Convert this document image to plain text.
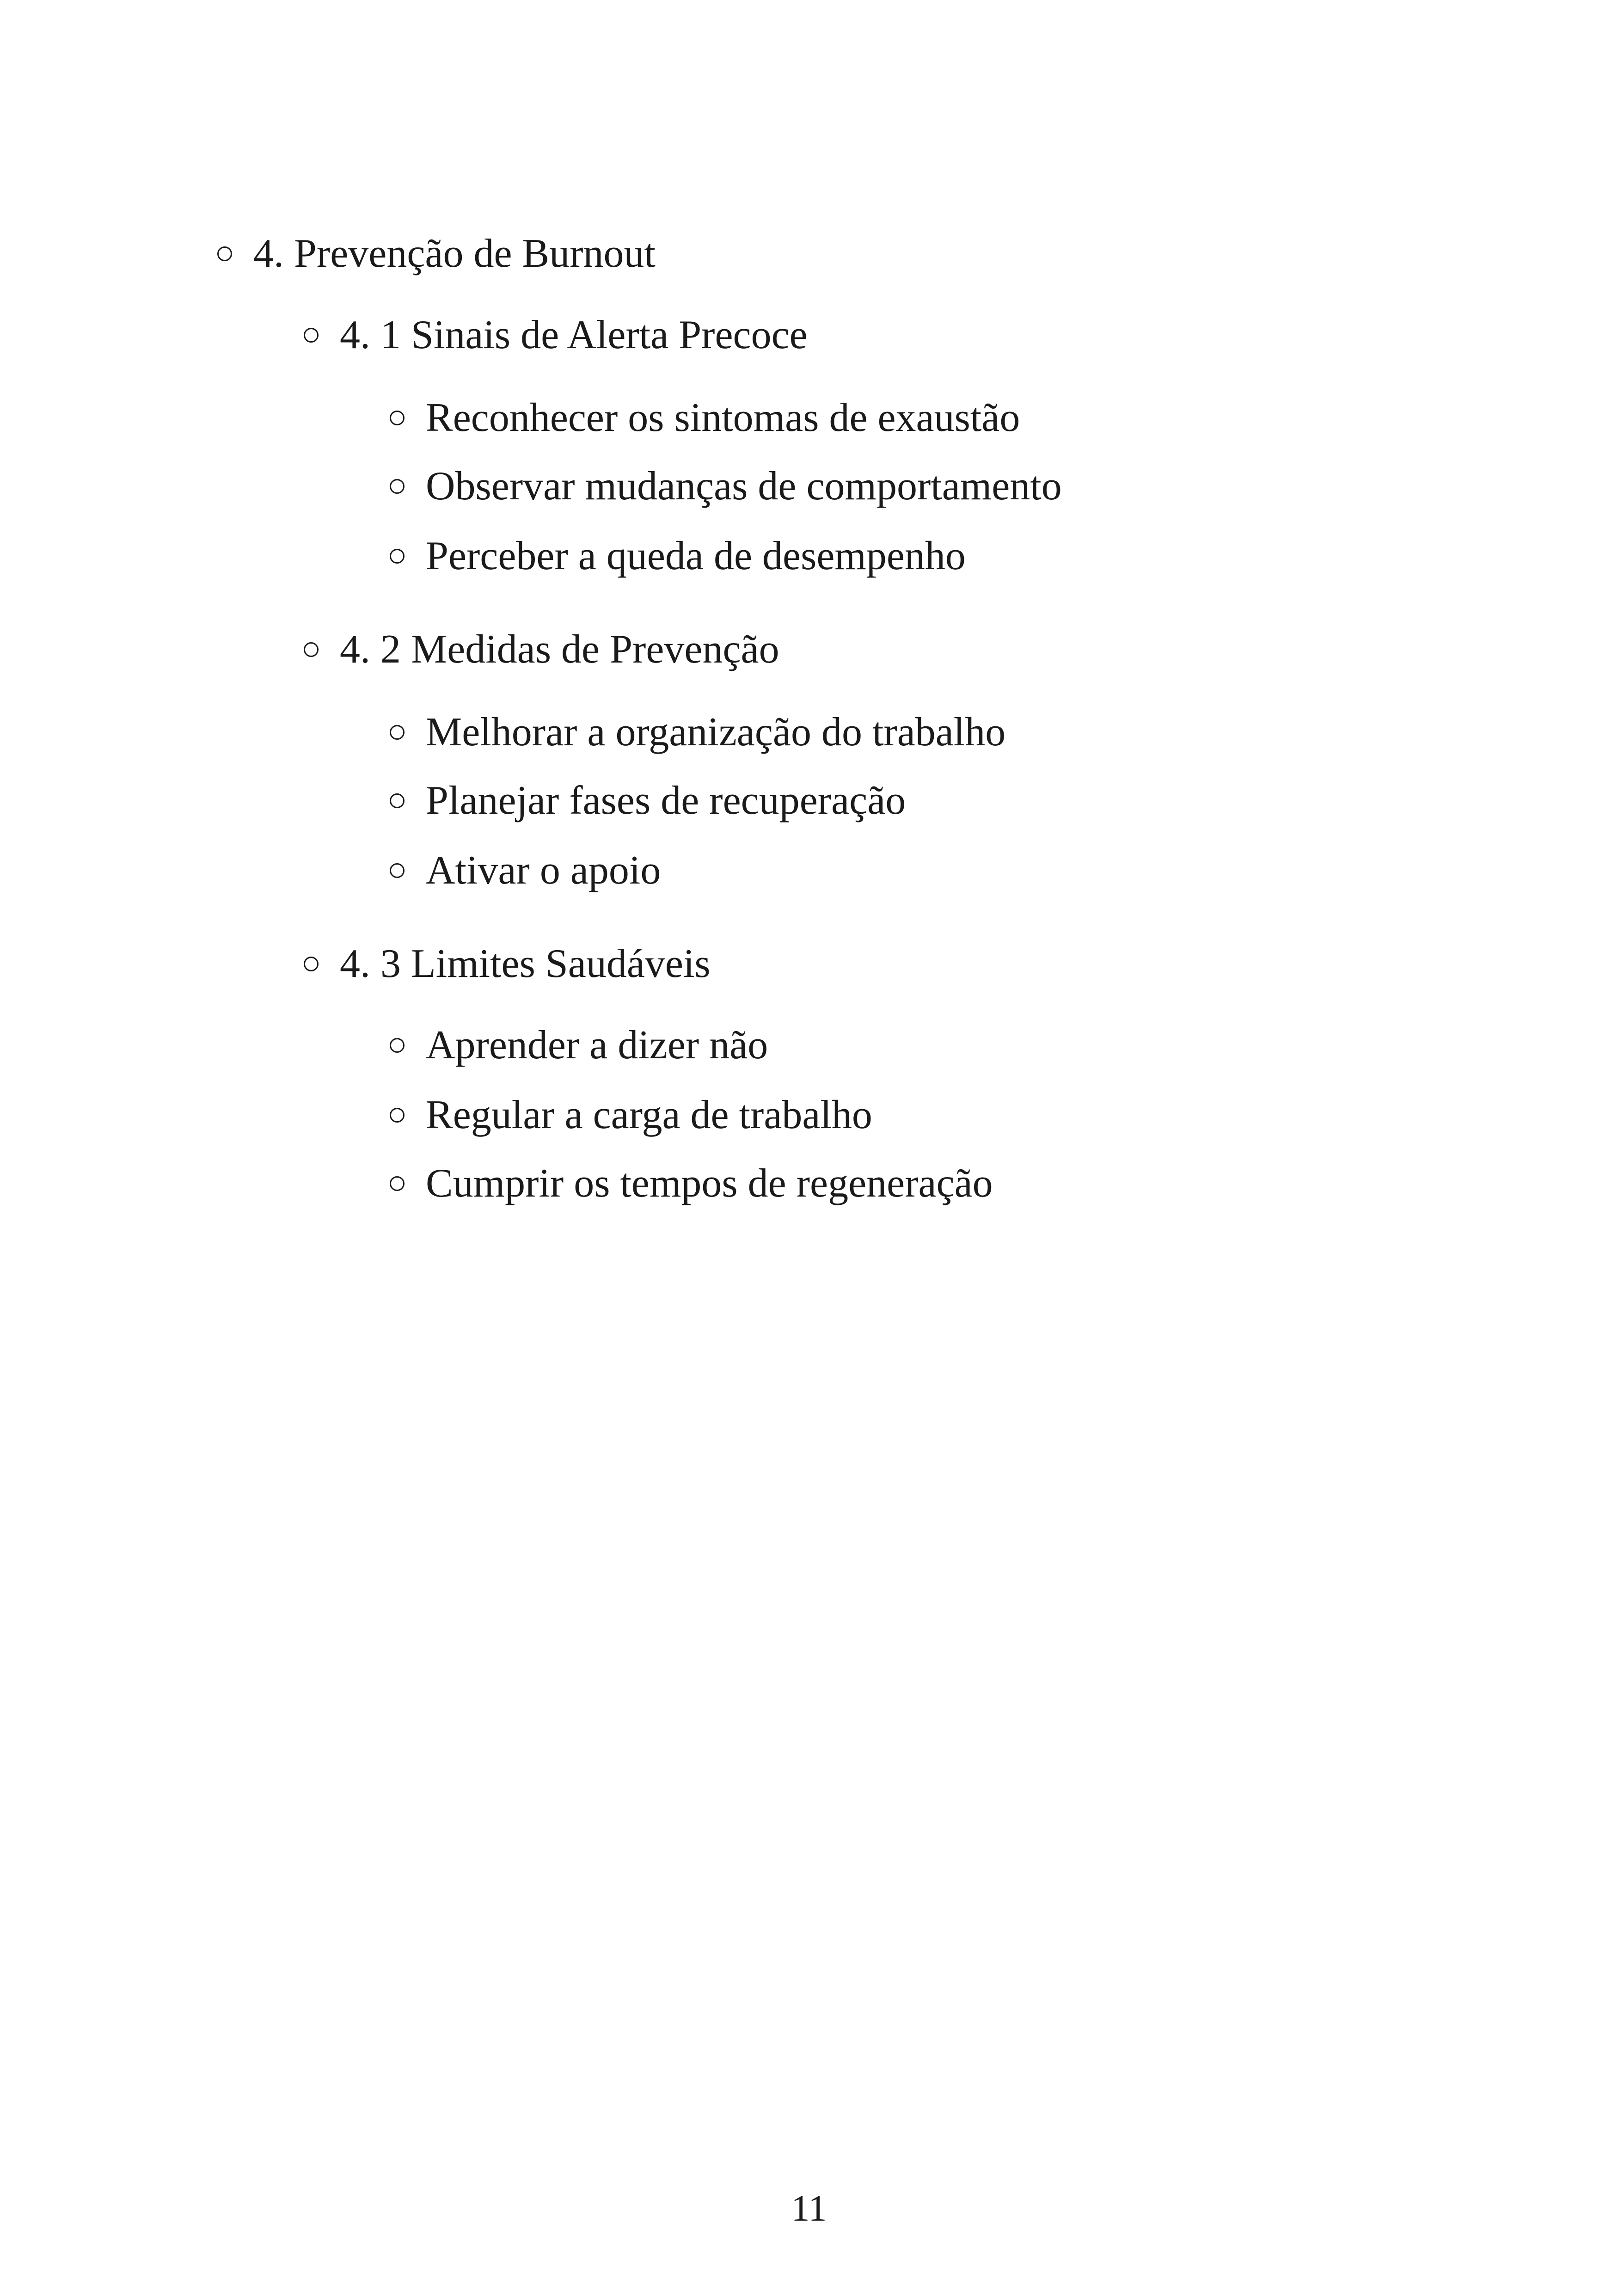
4. Prevenção de Burnout
4. 1 Sinais de Alerta Precoce
Reconhecer os sintomas de exaustão
Observar mudanças de comportamento
Perceber a queda de desempenho
4. 2 Medidas de Prevenção
Melhorar a organização do trabalho
Planejar fases de recuperação
Ativar o apoio
4. 3 Limites Saudáveis
Aprender a dizer não
Regular a carga de trabalho
Cumprir os tempos de regeneração
11
